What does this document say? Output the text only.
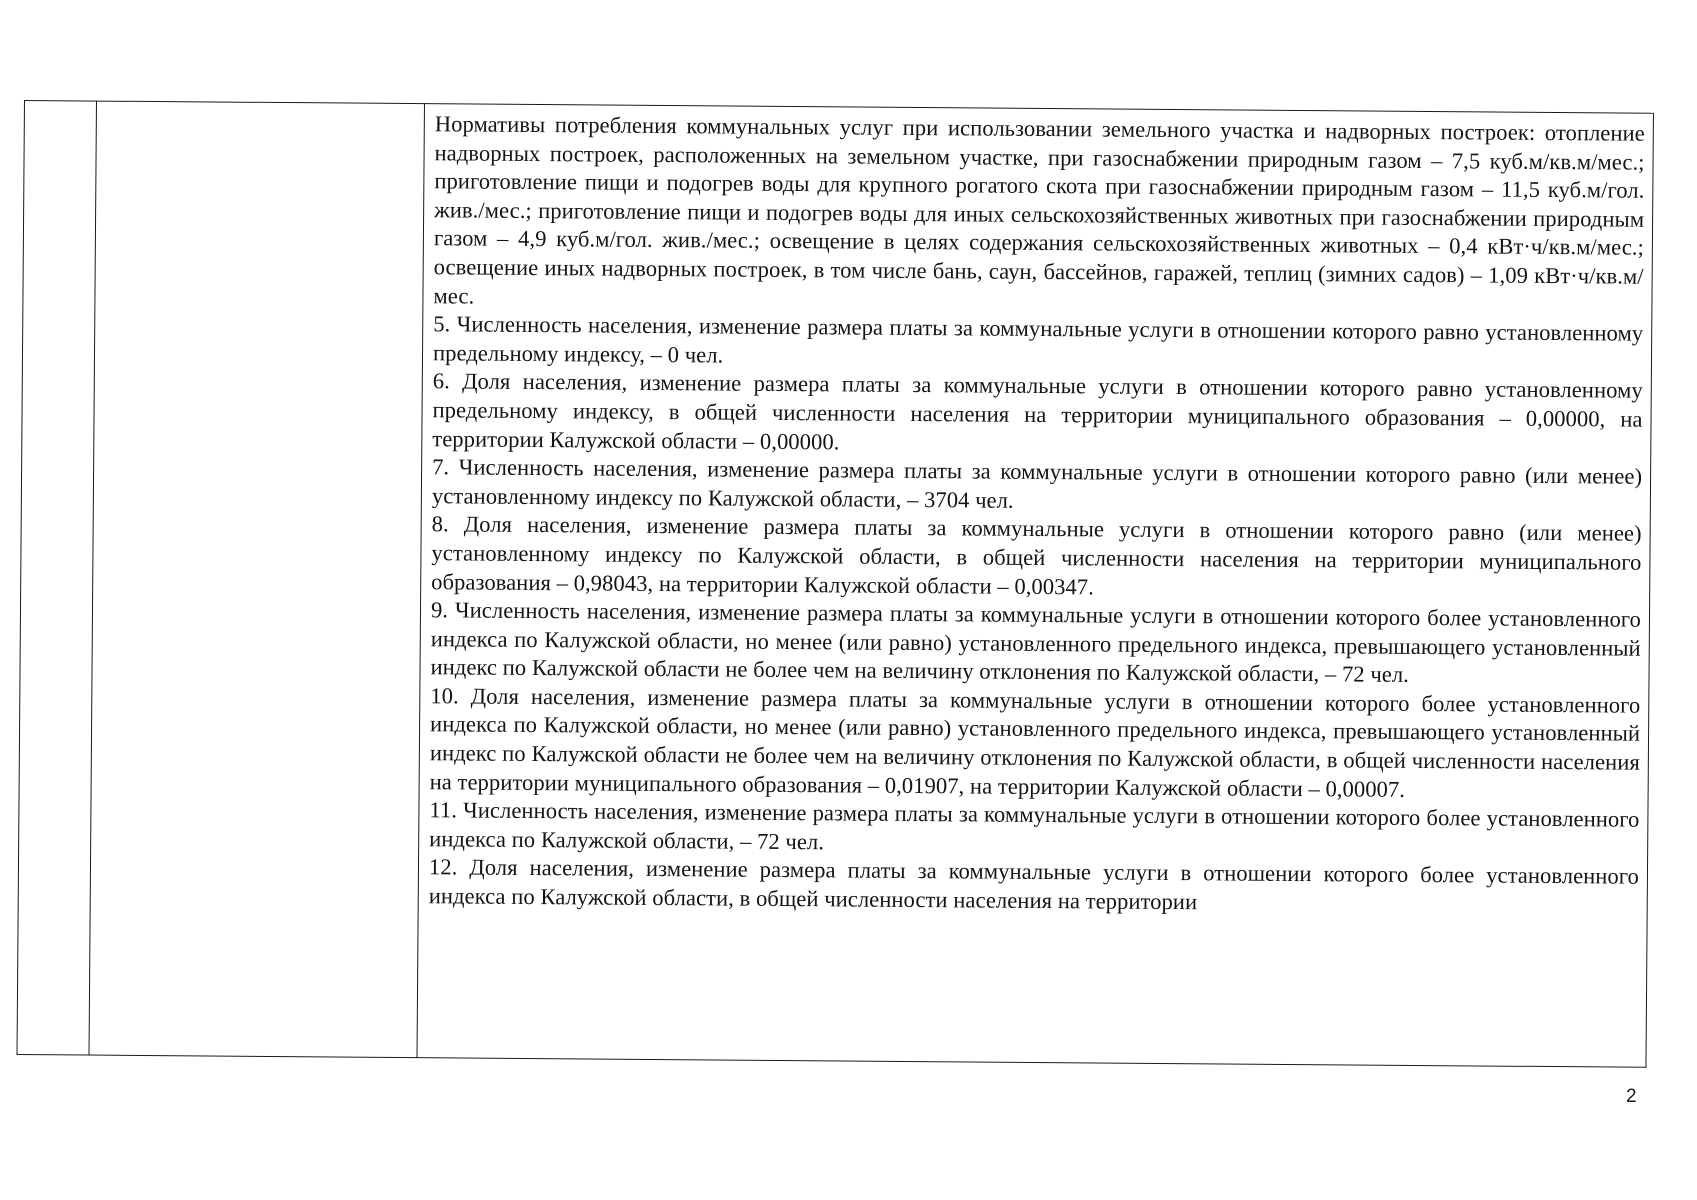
Нормативы потребления коммунальных услуг при использовании земельного участка и надворных построек: отопление надворных построек, расположенных на земельном участке, при газоснабжении природным газом – 7,5 куб.м/кв.м/мес.; приготовление пищи и подогрев воды для крупного рогатого скота при газоснабжении природным газом – 11,5 куб.м/гол. жив./мес.; приготовление пищи и подогрев воды для иных сельскохозяйственных животных при газоснабжении природным газом – 4,9 куб.м/гол. жив./мес.; освещение в целях содержания сельскохозяйственных животных – 0,4 кВт·ч/кв.м/мес.; освещение иных надворных построек, в том числе бань, саун, бассейнов, гаражей, теплиц (зимних садов) – 1,09 кВт·ч/кв.м/мес.

5. Численность населения, изменение размера платы за коммунальные услуги в отношении которого равно установленному предельному индексу, – 0 чел.

6. Доля населения, изменение размера платы за коммунальные услуги в отношении которого равно установленному предельному индексу, в общей численности населения на территории муниципального образования – 0,00000, на территории Калужской области – 0,00000.

7. Численность населения, изменение размера платы за коммунальные услуги в отношении которого равно (или менее) установленному индексу по Калужской области, – 3704 чел.

8. Доля населения, изменение размера платы за коммунальные услуги в отношении которого равно (или менее) установленному индексу по Калужской области, в общей численности населения на территории муниципального образования – 0,98043, на территории Калужской области – 0,00347.

9. Численность населения, изменение размера платы за коммунальные услуги в отношении которого более установленного индекса по Калужской области, но менее (или равно) установленного предельного индекса, превышающего установленный индекс по Калужской области не более чем на величину отклонения по Калужской области, – 72 чел.

10. Доля населения, изменение размера платы за коммунальные услуги в отношении которого более установленного индекса по Калужской области, но менее (или равно) установленного предельного индекса, превышающего установленный индекс по Калужской области не более чем на величину отклонения по Калужской области, в общей численности населения на территории муниципального образования – 0,01907, на территории Калужской области – 0,00007.

11. Численность населения, изменение размера платы за коммунальные услуги в отношении которого более установленного индекса по Калужской области, – 72 чел.

12. Доля населения, изменение размера платы за коммунальные услуги в отношении которого более установленного индекса по Калужской области, в общей численности населения на территории

2
